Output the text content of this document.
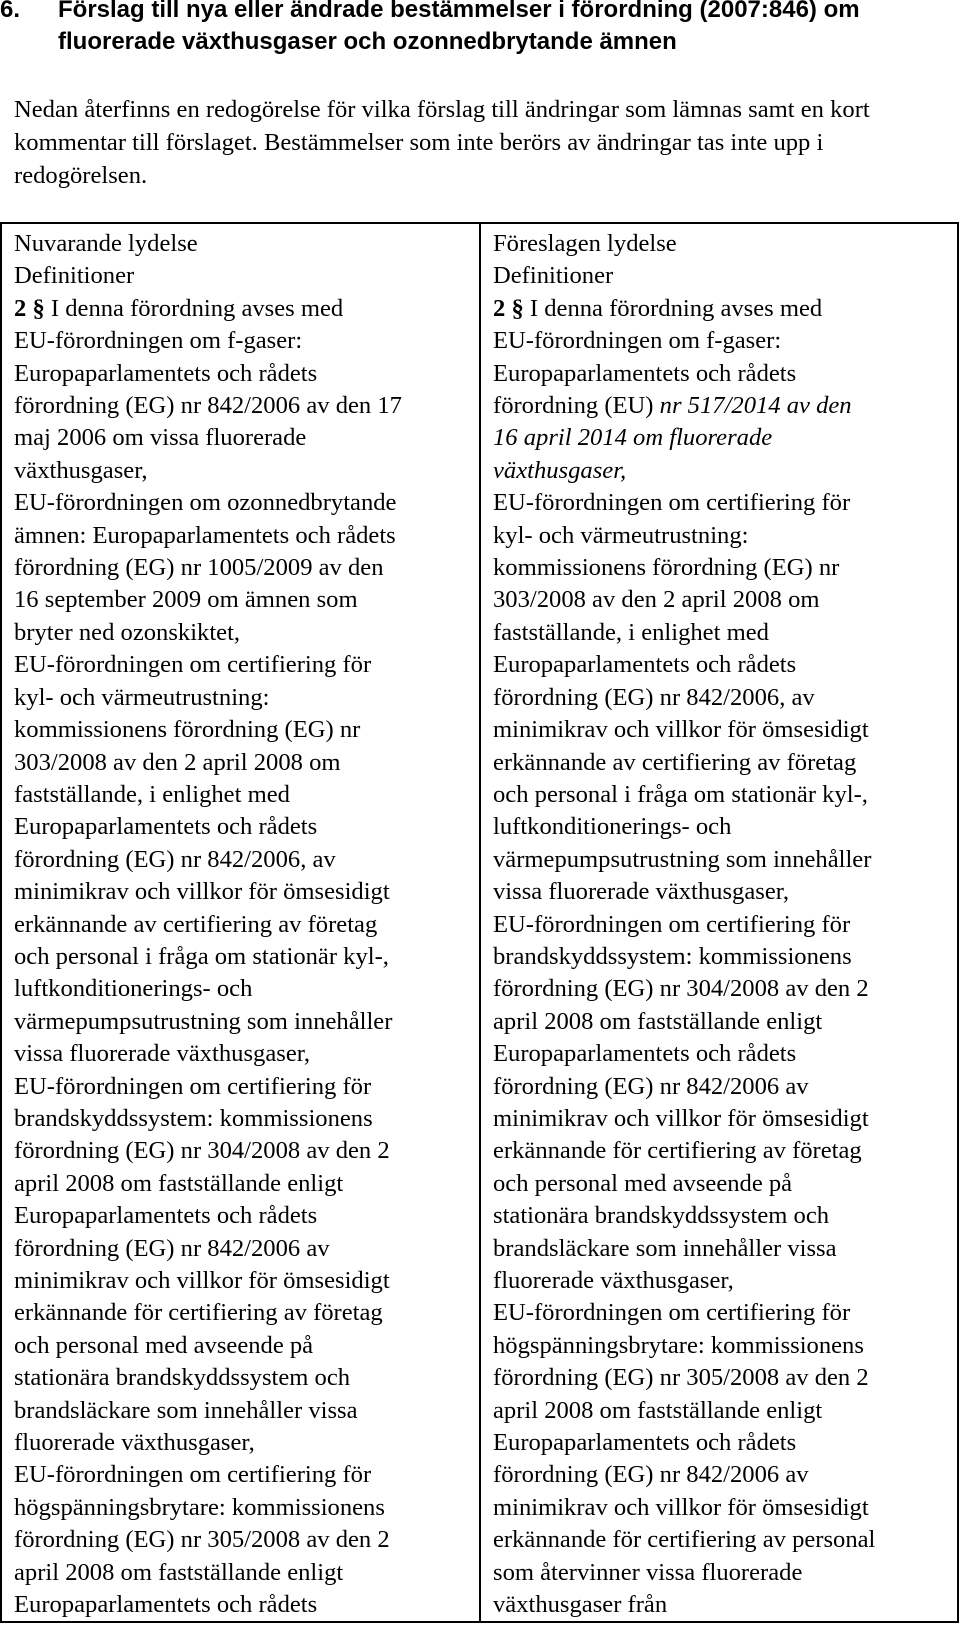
6.	Förslag till nya eller ändrade bestämmelser i förordning (2007:846) om fluorerade växthusgaser och ozonnedbrytande ämnen

Nedan återfinns en redogörelse för vilka förslag till ändringar som lämnas samt en kort kommentar till förslaget. Bestämmelser som inte berörs av ändringar tas inte upp i redogörelsen.

Nuvarande lydelse
Definitioner
2 § I denna förordning avses med
EU-förordningen om f-gaser:
Europaparlamentets och rådets
förordning (EG) nr 842/2006 av den 17
maj 2006 om vissa fluorerade
växthusgaser,
EU-förordningen om ozonnedbrytande
ämnen: Europaparlamentets och rådets
förordning (EG) nr 1005/2009 av den
16 september 2009 om ämnen som
bryter ned ozonskiktet,
EU-förordningen om certifiering för
kyl- och värmeutrustning:
kommissionens förordning (EG) nr
303/2008 av den 2 april 2008 om
fastställande, i enlighet med
Europaparlamentets och rådets
förordning (EG) nr 842/2006, av
minimikrav och villkor för ömsesidigt
erkännande av certifiering av företag
och personal i fråga om stationär kyl-,
luftkonditionerings- och
värmepumpsutrustning som innehåller
vissa fluorerade växthusgaser,
EU-förordningen om certifiering för
brandskyddssystem: kommissionens
förordning (EG) nr 304/2008 av den 2
april 2008 om fastställande enligt
Europaparlamentets och rådets
förordning (EG) nr 842/2006 av
minimikrav och villkor för ömsesidigt
erkännande för certifiering av företag
och personal med avseende på
stationära brandskyddssystem och
brandsläckare som innehåller vissa
fluorerade växthusgaser,
EU-förordningen om certifiering för
högspänningsbrytare: kommissionens
förordning (EG) nr 305/2008 av den 2
april 2008 om fastställande enligt
Europaparlamentets och rådets

Föreslagen lydelse
Definitioner
2 § I denna förordning avses med
EU-förordningen om f-gaser:
Europaparlamentets och rådets
förordning (EU) nr 517/2014 av den
16 april 2014 om fluorerade
växthusgaser,
EU-förordningen om certifiering för
kyl- och värmeutrustning:
kommissionens förordning (EG) nr
303/2008 av den 2 april 2008 om
fastställande, i enlighet med
Europaparlamentets och rådets
förordning (EG) nr 842/2006, av
minimikrav och villkor för ömsesidigt
erkännande av certifiering av företag
och personal i fråga om stationär kyl-,
luftkonditionerings- och
värmepumpsutrustning som innehåller
vissa fluorerade växthusgaser,
EU-förordningen om certifiering för
brandskyddssystem: kommissionens
förordning (EG) nr 304/2008 av den 2
april 2008 om fastställande enligt
Europaparlamentets och rådets
förordning (EG) nr 842/2006 av
minimikrav och villkor för ömsesidigt
erkännande för certifiering av företag
och personal med avseende på
stationära brandskyddssystem och
brandsläckare som innehåller vissa
fluorerade växthusgaser,
EU-förordningen om certifiering för
högspänningsbrytare: kommissionens
förordning (EG) nr 305/2008 av den 2
april 2008 om fastställande enligt
Europaparlamentets och rådets
förordning (EG) nr 842/2006 av
minimikrav och villkor för ömsesidigt
erkännande för certifiering av personal
som återvinner vissa fluorerade
växthusgaser från
